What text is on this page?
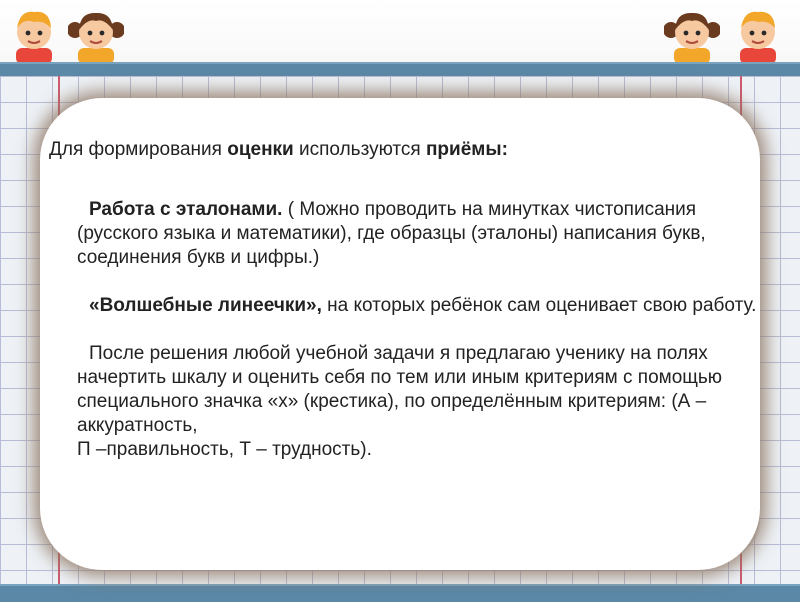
Для формирования оценки используются приёмы:

Работа с эталонами. ( Можно проводить на минутках чистописания (русского языка и математики), где образцы (эталоны) написания букв, соединения букв и цифры.)

«Волшебные линеечки», на которых ребёнок сам оценивает свою работу.

После решения любой учебной задачи я предлагаю ученику на полях начертить шкалу и оценить себя по тем или иным критериям с помощью специального значка «х» (крестика), по определённым критериям: (А – аккуратность,
П –правильность, Т – трудность).
